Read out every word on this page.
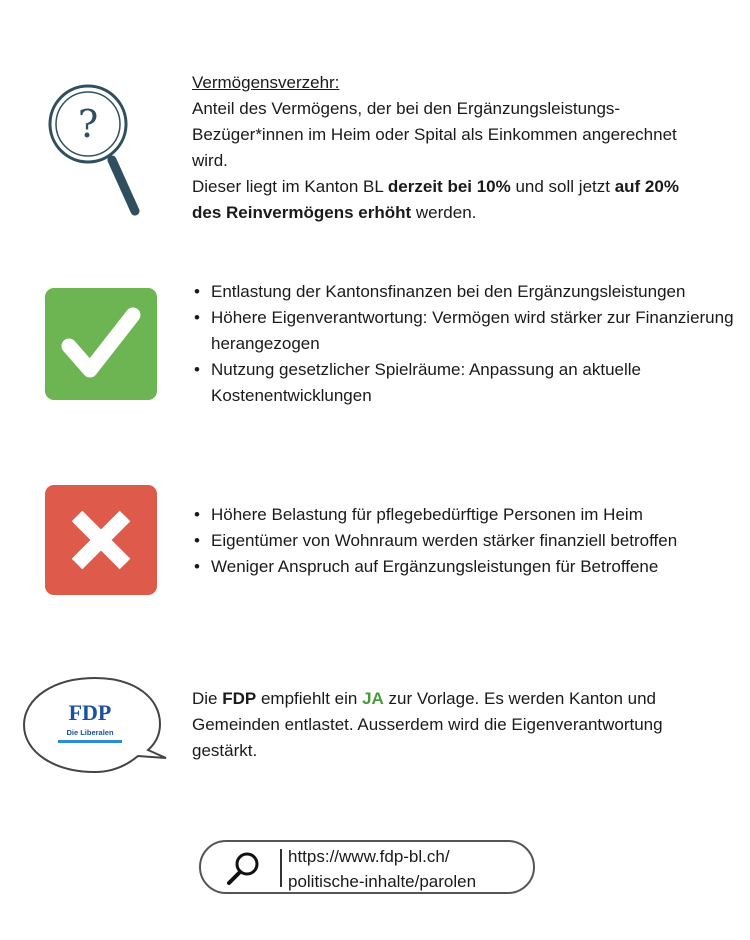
?
Vermögensverzehr:
Anteil des Vermögens, der bei den Ergänzungsleistungs-
Bezüger*innen im Heim oder Spital als Einkommen angerechnet
wird.
Dieser liegt im Kanton BL derzeit bei 10% und soll jetzt auf 20%
des Reinvermögens erhöht werden.
• Entlastung der Kantonsfinanzen bei den Ergänzungsleistungen
• Höhere Eigenverantwortung: Vermögen wird stärker zur Finanzierung herangezogen
• Nutzung gesetzlicher Spielräume: Anpassung an aktuelle Kostenentwicklungen
• Höhere Belastung für pflegebedürftige Personen im Heim
• Eigentümer von Wohnraum werden stärker finanziell betroffen
• Weniger Anspruch auf Ergänzungsleistungen für Betroffene
FDP
Die Liberalen
Die FDP empfiehlt ein JA zur Vorlage. Es werden Kanton und Gemeinden entlastet. Ausserdem wird die Eigenverantwortung gestärkt.
https://www.fdp-bl.ch/
politische-inhalte/parolen
